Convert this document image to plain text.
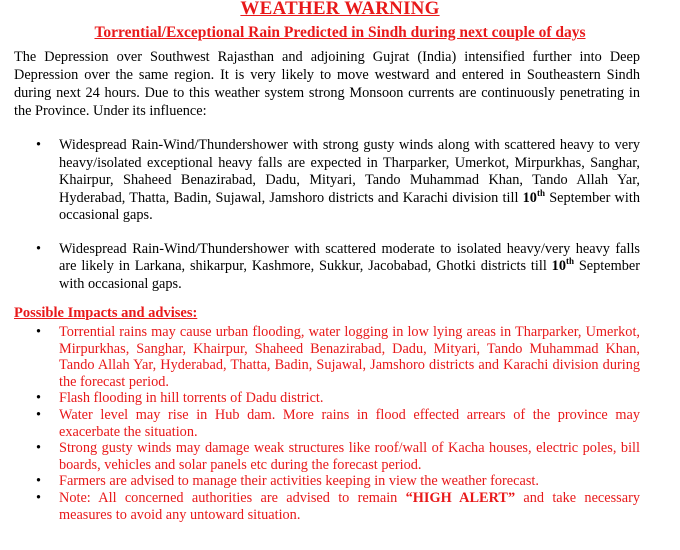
WEATHER WARNING
Torrential/Exceptional Rain Predicted in Sindh during next couple of days
The Depression over Southwest Rajasthan and adjoining Gujrat (India) intensified further into Deep Depression over the same region. It is very likely to move westward and entered in Southeastern Sindh during next 24 hours. Due to this weather system strong Monsoon currents are continuously penetrating in the Province. Under its influence:
• Widespread Rain-Wind/Thundershower with strong gusty winds along with scattered heavy to very heavy/isolated exceptional heavy falls are expected in Tharparker, Umerkot, Mirpurkhas, Sanghar, Khairpur, Shaheed Benazirabad, Dadu, Mityari, Tando Muhammad Khan, Tando Allah Yar, Hyderabad, Thatta, Badin, Sujawal, Jamshoro districts and Karachi division till 10th September with occasional gaps.
• Widespread Rain-Wind/Thundershower with scattered moderate to isolated heavy/very heavy falls are likely in Larkana, shikarpur, Kashmore, Sukkur, Jacobabad, Ghotki districts till 10th September with occasional gaps.
Possible Impacts and advises:
• Torrential rains may cause urban flooding, water logging in low lying areas in Tharparker, Umerkot, Mirpurkhas, Sanghar, Khairpur, Shaheed Benazirabad, Dadu, Mityari, Tando Muhammad Khan, Tando Allah Yar, Hyderabad, Thatta, Badin, Sujawal, Jamshoro districts and Karachi division during the forecast period.
• Flash flooding in hill torrents of Dadu district.
• Water level may rise in Hub dam. More rains in flood effected arrears of the province may exacerbate the situation.
• Strong gusty winds may damage weak structures like roof/wall of Kacha houses, electric poles, bill boards, vehicles and solar panels etc during the forecast period.
• Farmers are advised to manage their activities keeping in view the weather forecast.
• Note: All concerned authorities are advised to remain “HIGH ALERT” and take necessary measures to avoid any untoward situation.
